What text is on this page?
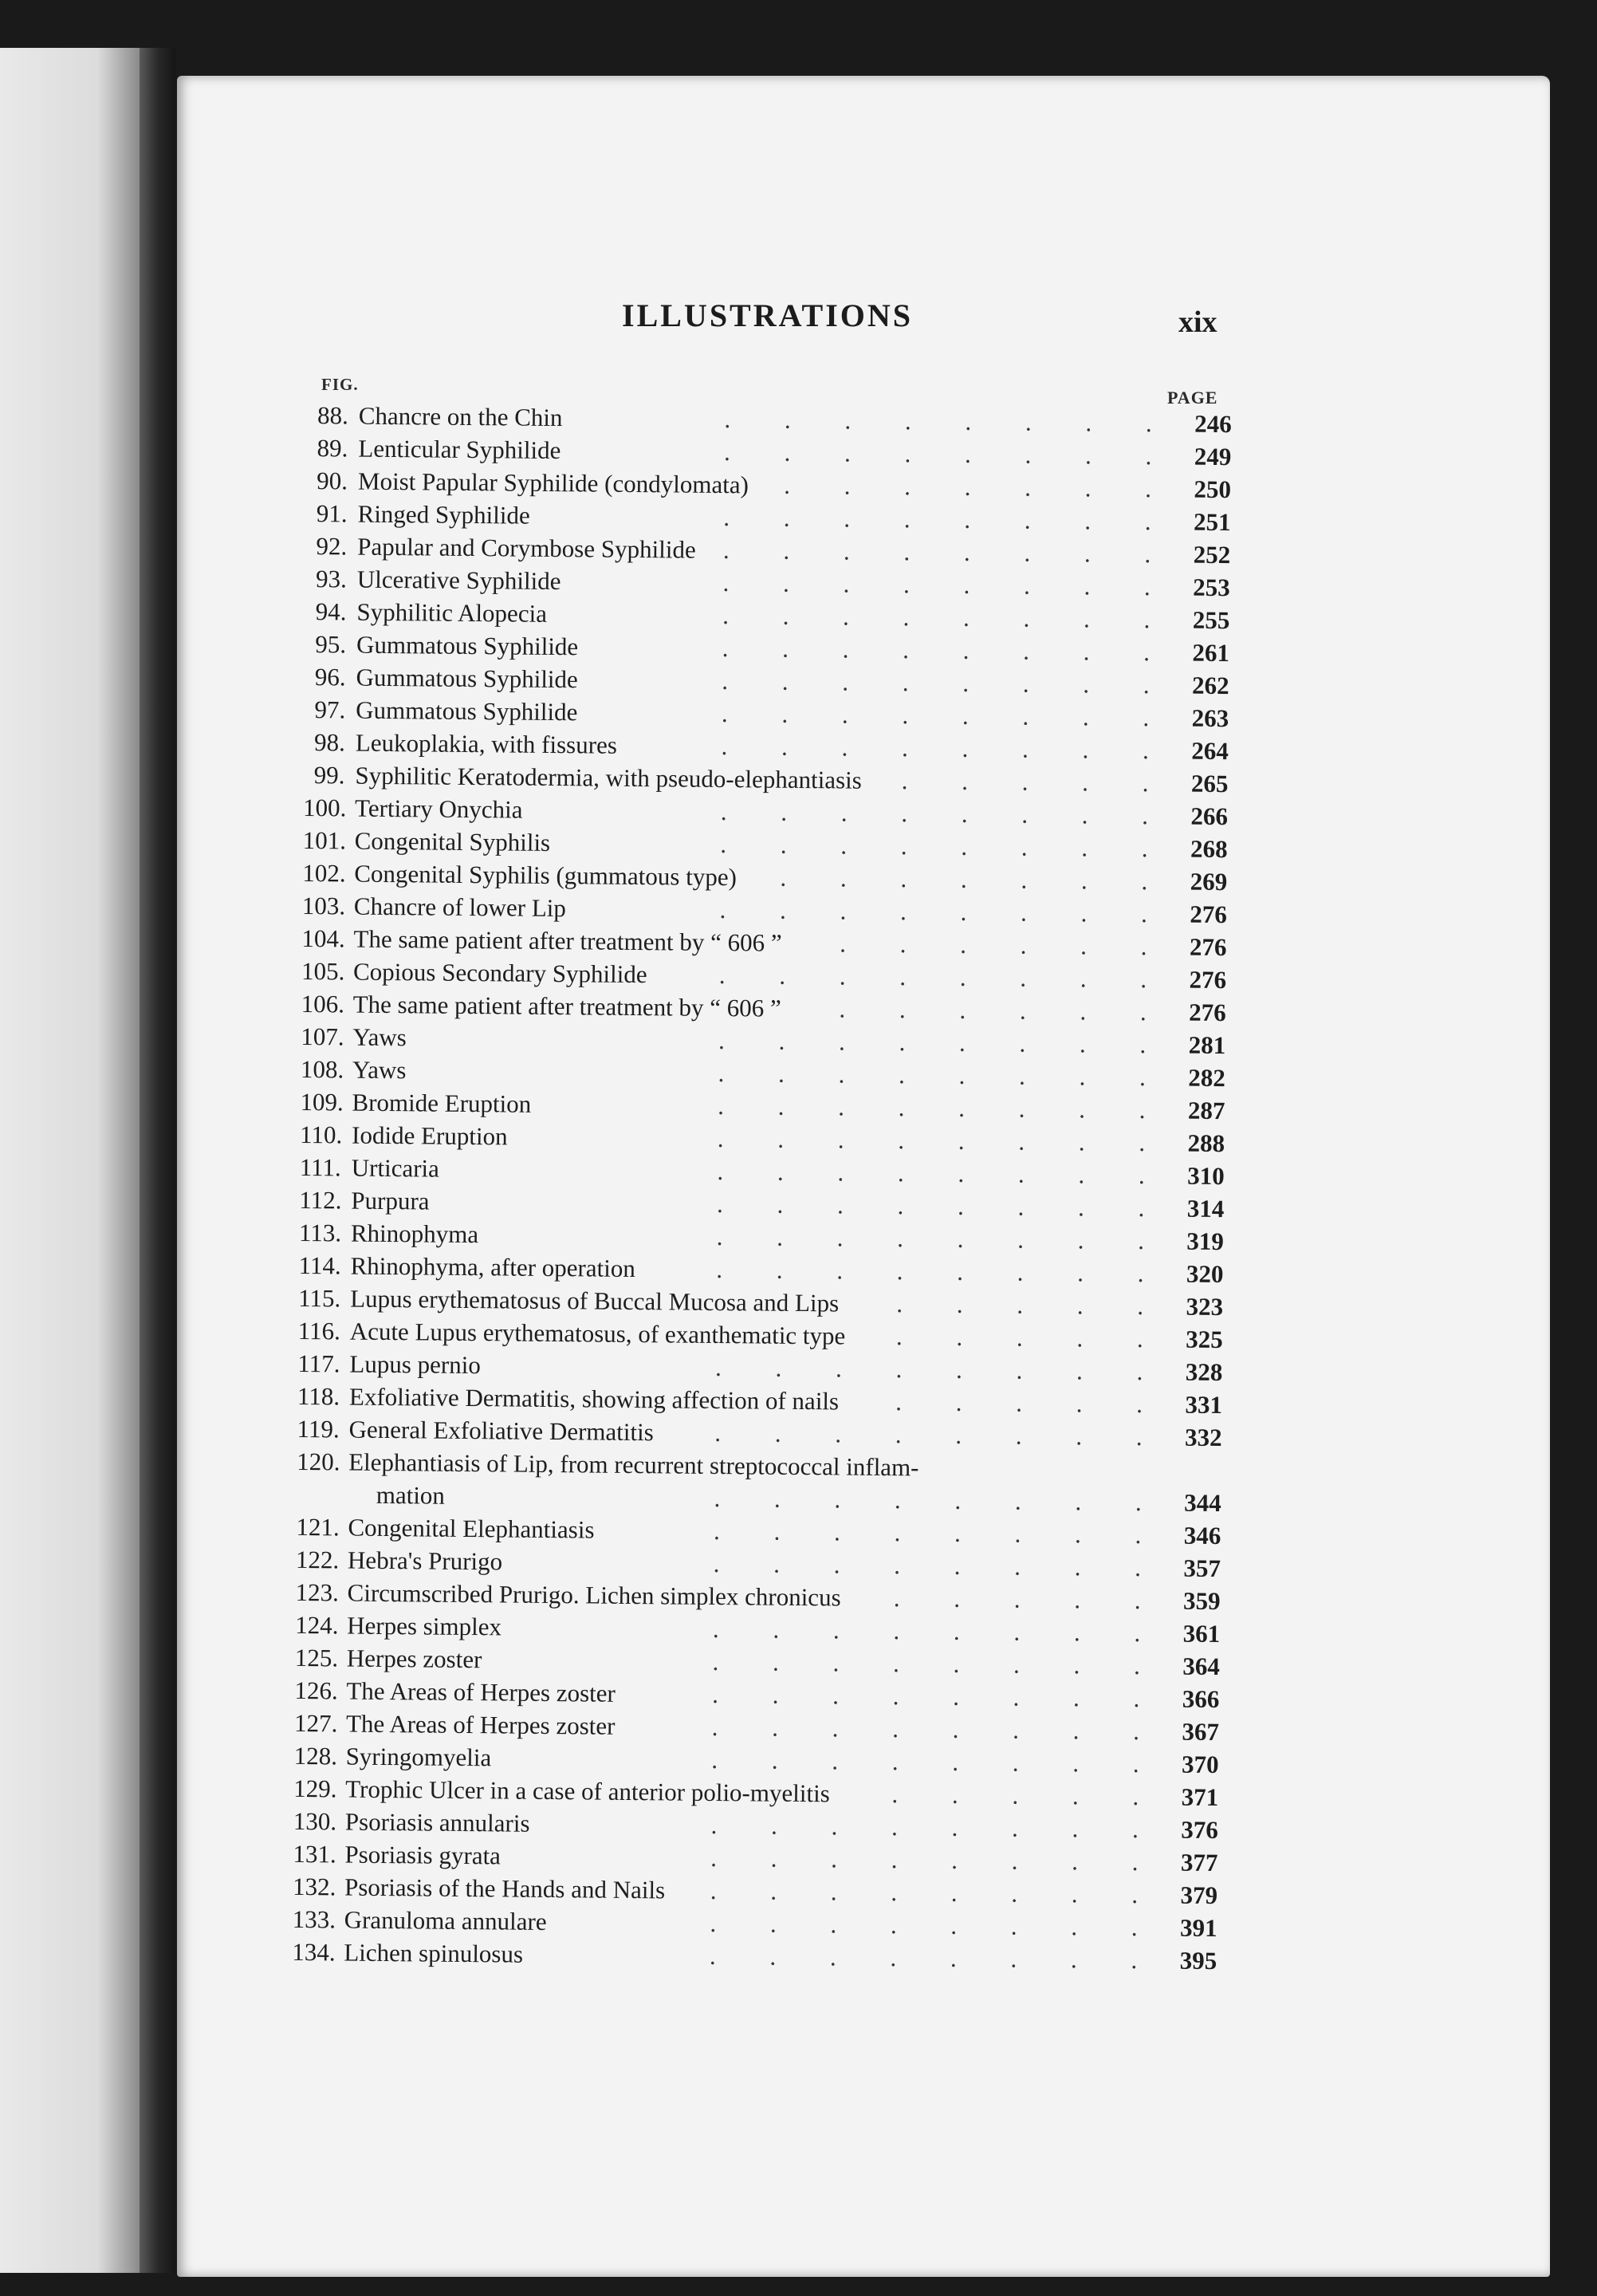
ILLUSTRATIONS	xix
FIG.
PAGE
88. Chancre on the Chin	. . . . . . . . 246
89. Lenticular Syphilide	. . . . . . . . 249
90. Moist Papular Syphilide (condylomata) . . . . . . . 250
91. Ringed Syphilide	. . . . . . . . 251
92. Papular and Corymbose Syphilide . . . . . . . . 252
93. Ulcerative Syphilide	. . . . . . . . 253
94. Syphilitic Alopecia	. . . . . . . . 255
95. Gummatous Syphilide	. . . . . . . . 261
96. Gummatous Syphilide	. . . . . . . . 262
97. Gummatous Syphilide	. . . . . . . . 263
98. Leukoplakia, with fissures	. . . . . . . . 264
99. Syphilitic Keratodermia, with pseudo-elephantiasis . . . . . 265
100. Tertiary Onychia	. . . . . . . . 266
101. Congenital Syphilis	. . . . . . . . 268
102. Congenital Syphilis (gummatous type) . . . . . . . 269
103. Chancre of lower Lip	. . . . . . . . 276
104. The same patient after treatment by “ 606 ” . . . . . . 276
105. Copious Secondary Syphilide	. . . . . . . . 276
106. The same patient after treatment by “ 606 ” . . . . . . 276
107. Yaws	. . . . . . . . 281
108. Yaws	. . . . . . . . 282
109. Bromide Eruption	. . . . . . . . 287
110. Iodide Eruption	. . . . . . . . 288
111. Urticaria	. . . . . . . . 310
112. Purpura	. . . . . . . . 314
113. Rhinophyma	. . . . . . . . 319
114. Rhinophyma, after operation	. . . . . . . . 320
115. Lupus erythematosus of Buccal Mucosa and Lips . . . . . 323
116. Acute Lupus erythematosus, of exanthematic type . . . . . 325
117. Lupus pernio	. . . . . . . . 328
118. Exfoliative Dermatitis, showing affection of nails . . . . . 331
119. General Exfoliative Dermatitis . . . . . . . . 332
120. Elephantiasis of Lip, from recurrent streptococcal inflam-
mation	. . . . . . . . 344
121. Congenital Elephantiasis	. . . . . . . . 346
122. Hebra's Prurigo	. . . . . . . . 357
123. Circumscribed Prurigo. Lichen simplex chronicus . . . . . 359
124. Herpes simplex	. . . . . . . . 361
125. Herpes zoster	. . . . . . . . 364
126. The Areas of Herpes zoster	. . . . . . . . 366
127. The Areas of Herpes zoster	. . . . . . . . 367
128. Syringomyelia	. . . . . . . . 370
129. Trophic Ulcer in a case of anterior polio-myelitis . . . . . 371
130. Psoriasis annularis	. . . . . . . . 376
131. Psoriasis gyrata	. . . . . . . . 377
132. Psoriasis of the Hands and Nails . . . . . . . . 379
133. Granuloma annulare	. . . . . . . . 391
134. Lichen spinulosus	. . . . . . . . 395
